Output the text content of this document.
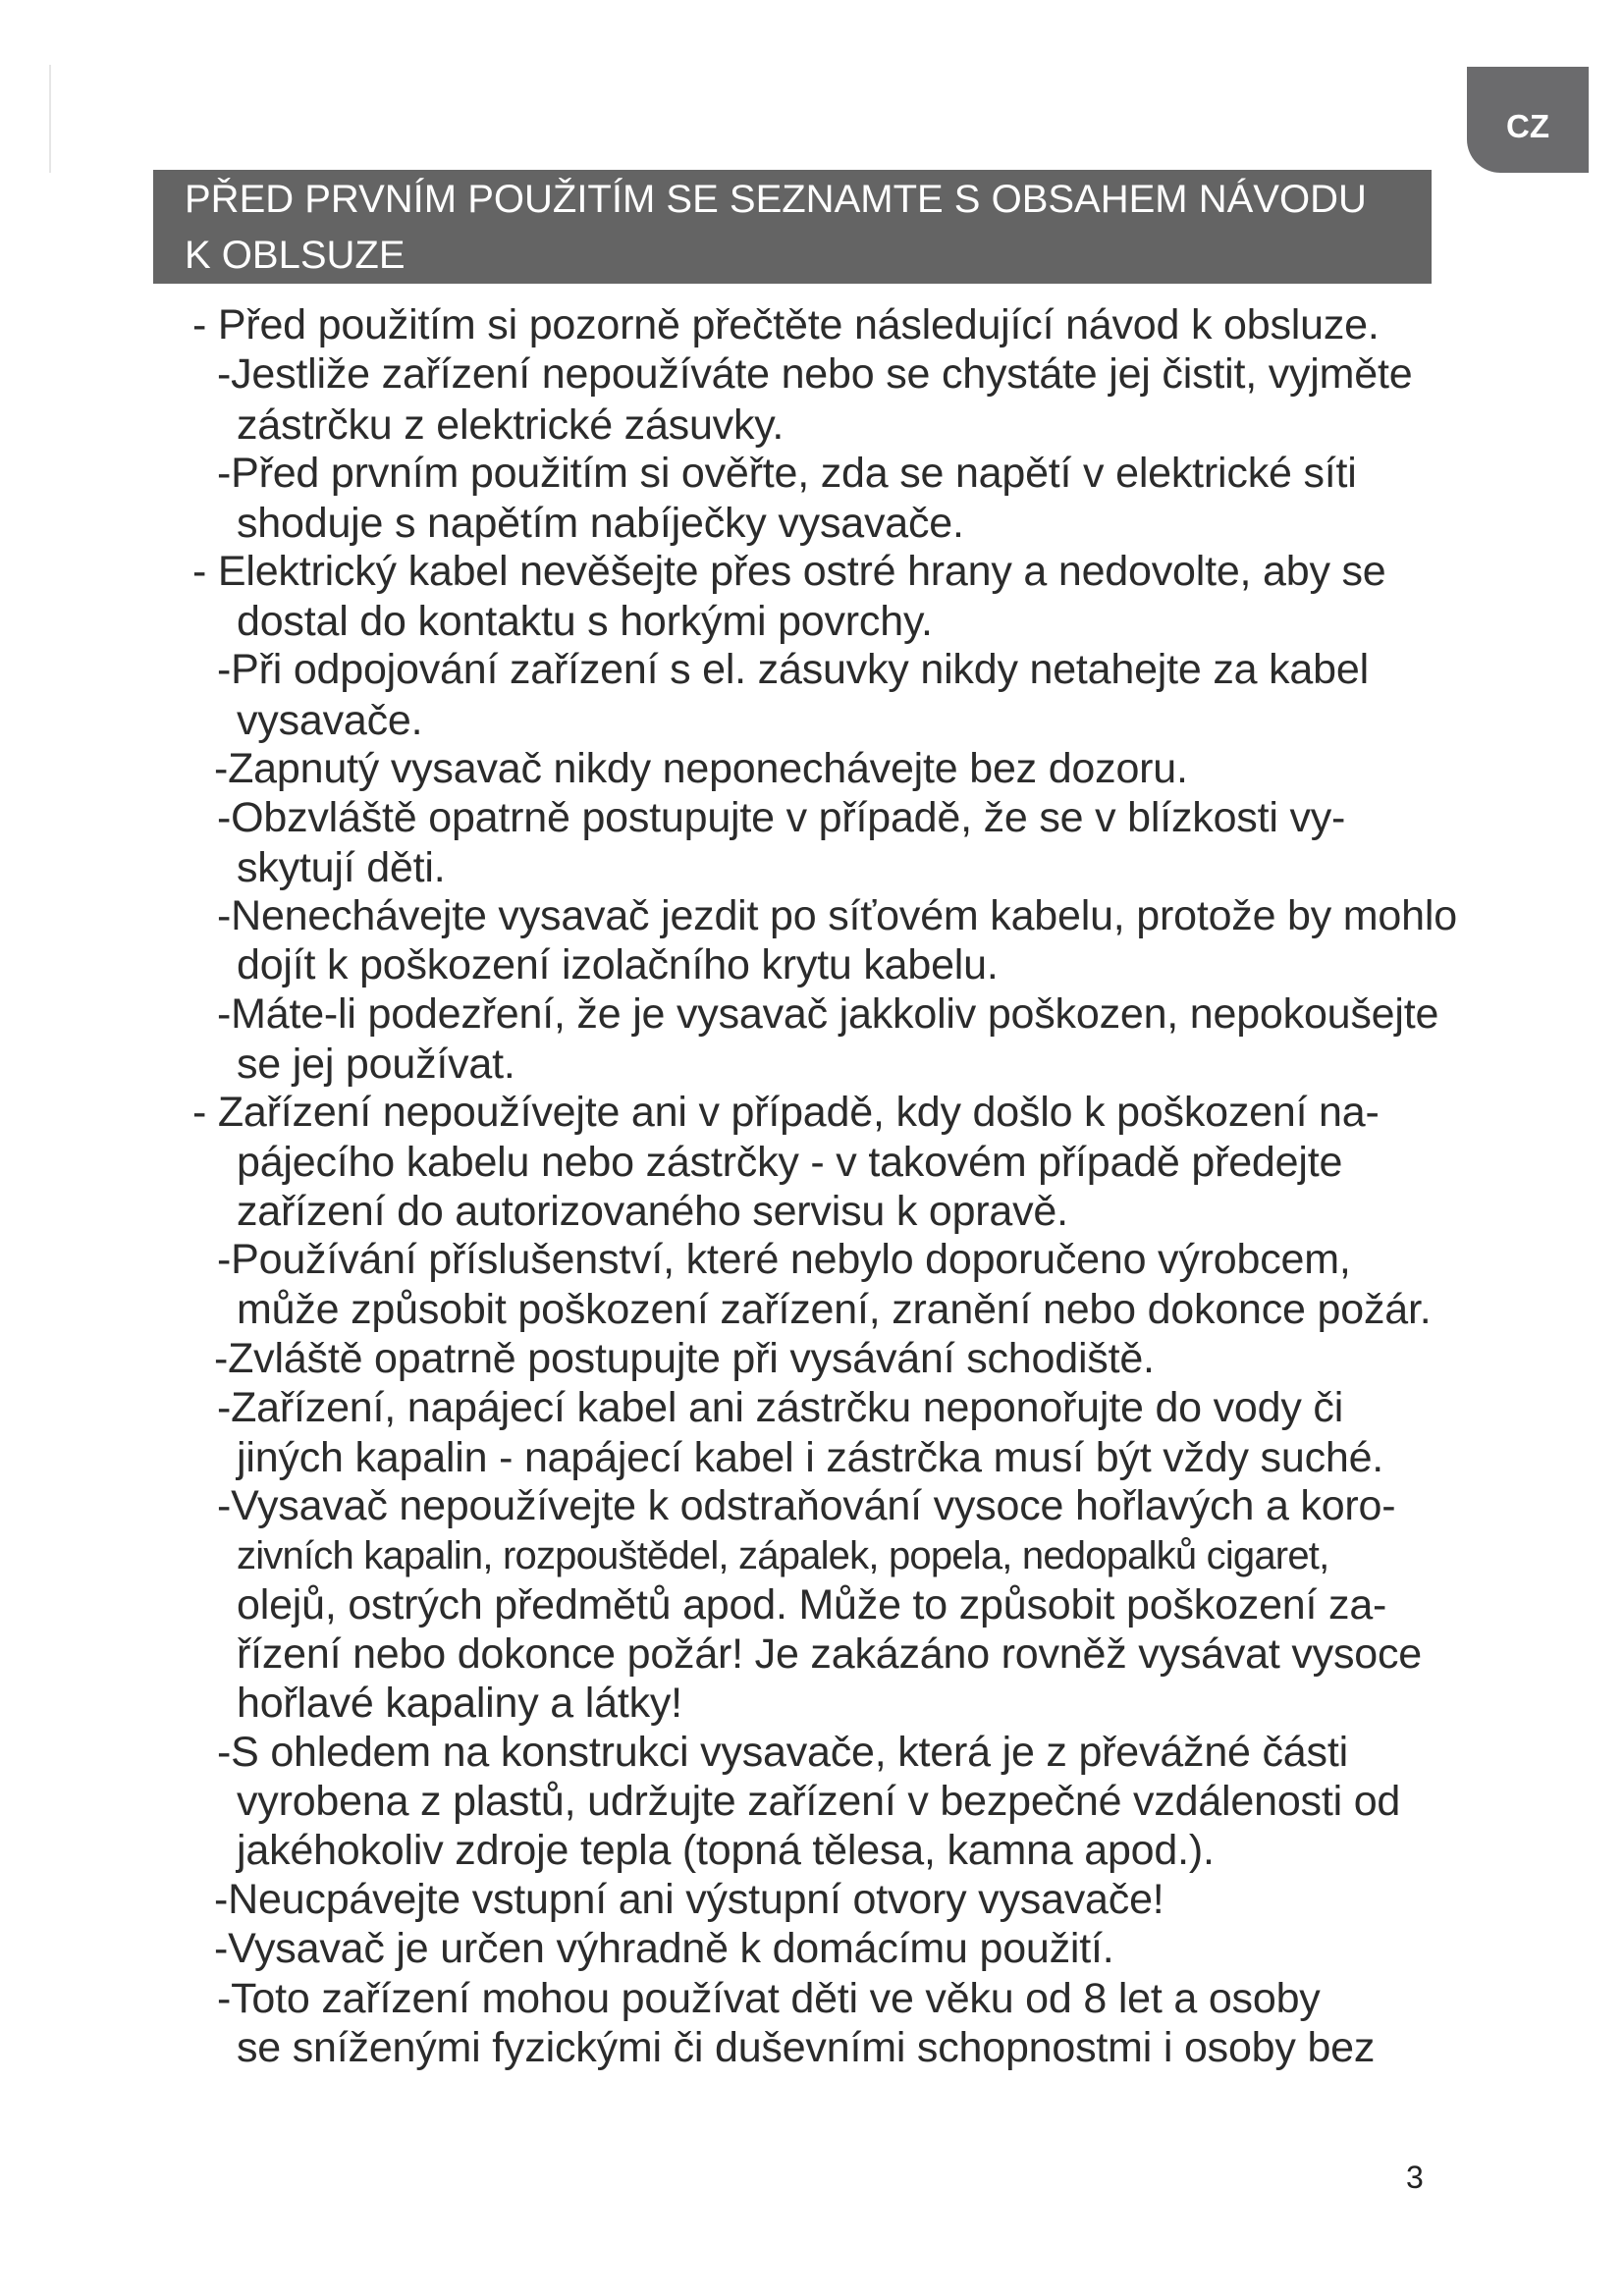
CZ
PŘED PRVNÍM POUŽITÍM SE SEZNAMTE S OBSAHEM NÁVODU
K OBLSUZE
- Před použitím si pozorně přečtěte následující návod k obsluze.
-Jestliže zařízení nepoužíváte nebo se chystáte jej čistit, vyjměte
zástrčku z elektrické zásuvky.
-Před prvním použitím si ověřte, zda se napětí v elektrické síti
shoduje s napětím nabíječky vysavače.
- Elektrický kabel nevěšejte přes ostré hrany a nedovolte, aby se
dostal do kontaktu s horkými povrchy.
-Při odpojování zařízení s el. zásuvky nikdy netahejte za kabel
vysavače.
-Zapnutý vysavač nikdy neponechávejte bez dozoru.
-Obzvláště opatrně postupujte v případě, že se v blízkosti vy-
skytují děti.
-Nenechávejte vysavač jezdit po síťovém kabelu, protože by mohlo
dojít k poškození izolačního krytu kabelu.
-Máte-li podezření, že je vysavač jakkoliv poškozen, nepokoušejte
se jej používat.
- Zařízení nepoužívejte ani v případě, kdy došlo k poškození na-
pájecího kabelu nebo zástrčky - v takovém případě předejte
zařízení do autorizovaného servisu k opravě.
-Používání příslušenství, které nebylo doporučeno výrobcem,
může způsobit poškození zařízení, zranění nebo dokonce požár.
-Zvláště opatrně postupujte při vysávání schodiště.
-Zařízení, napájecí kabel ani zástrčku neponořujte do vody či
jiných kapalin - napájecí kabel i zástrčka musí být vždy suché.
-Vysavač nepoužívejte k odstraňování vysoce hořlavých a koro-
zivních kapalin, rozpouštědel, zápalek, popela, nedopalků cigaret,
olejů, ostrých předmětů apod. Může to způsobit poškození za-
řízení nebo dokonce požár! Je zakázáno rovněž vysávat vysoce
hořlavé kapaliny a látky!
-S ohledem na konstrukci vysavače, která je z převážné části
vyrobena z plastů, udržujte zařízení v bezpečné vzdálenosti od
jakéhokoliv zdroje tepla (topná tělesa, kamna apod.).
-Neucpávejte vstupní ani výstupní otvory vysavače!
-Vysavač je určen výhradně k domácímu použití.
-Toto zařízení mohou používat děti ve věku od 8 let a osoby
se sníženými fyzickými či duševními schopnostmi i osoby bez
3
